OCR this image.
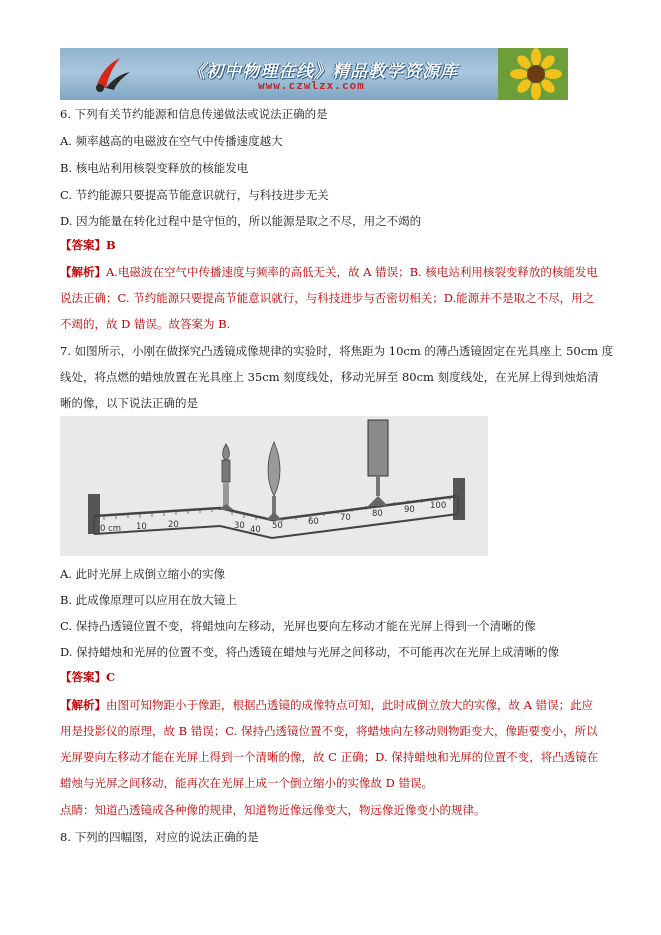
《初中物理在线》精品教学资源库
www.czwlzx.com
6. 下列有关节约能源和信息传递做法或说法正确的是
A. 频率越高的电磁波在空气中传播速度越大
B. 核电站利用核裂变释放的核能发电
C. 节约能源只要提高节能意识就行，与科技进步无关
D. 因为能量在转化过程中是守恒的，所以能源是取之不尽，用之不竭的
【答案】B
【解析】A.电磁波在空气中传播速度与频率的高低无关，故 A 错误；B. 核电站利用核裂变释放的核能发电
说法正确；C. 节约能源只要提高节能意识就行，与科技进步与否密切相关；D.能源并不是取之不尽，用之
不竭的，故 D 错误。故答案为 B.
7. 如图所示，小刚在做探究凸透镜成像规律的实验时，将焦距为 10cm 的薄凸透镜固定在光具座上 50cm 度
线处，将点燃的蜡烛放置在光具座上 35cm 刻度线处，移动光屏至 80cm 刻度线处，在光屏上得到烛焰清
晰的像，以下说法正确的是
0 cm 10 20	30 40 50	60 70 80 90 100
A. 此时光屏上成倒立缩小的实像
B. 此成像原理可以应用在放大镜上
C. 保持凸透镜位置不变，将蜡烛向左移动，光屏也要向左移动才能在光屏上得到一个清晰的像
D. 保持蜡烛和光屏的位置不变，将凸透镜在蜡烛与光屏之间移动，不可能再次在光屏上成清晰的像
【答案】C
【解析】由图可知物距小于像距，根据凸透镜的成像特点可知，此时成倒立放大的实像，故 A 错误；此应
用是投影仪的原理，故 B 错误；C. 保持凸透镜位置不变，将蜡烛向左移动则物距变大，像距要变小，所以
光屏要向左移动才能在光屏上得到一个清晰的像，故 C 正确；D. 保持蜡烛和光屏的位置不变，将凸透镜在
蜡烛与光屏之间移动，能再次在光屏上成一个倒立缩小的实像故 D 错误。
点睛：知道凸透镜成各种像的规律，知道物近像远像变大，物远像近像变小的规律。
8. 下列的四幅图，对应的说法正确的是
